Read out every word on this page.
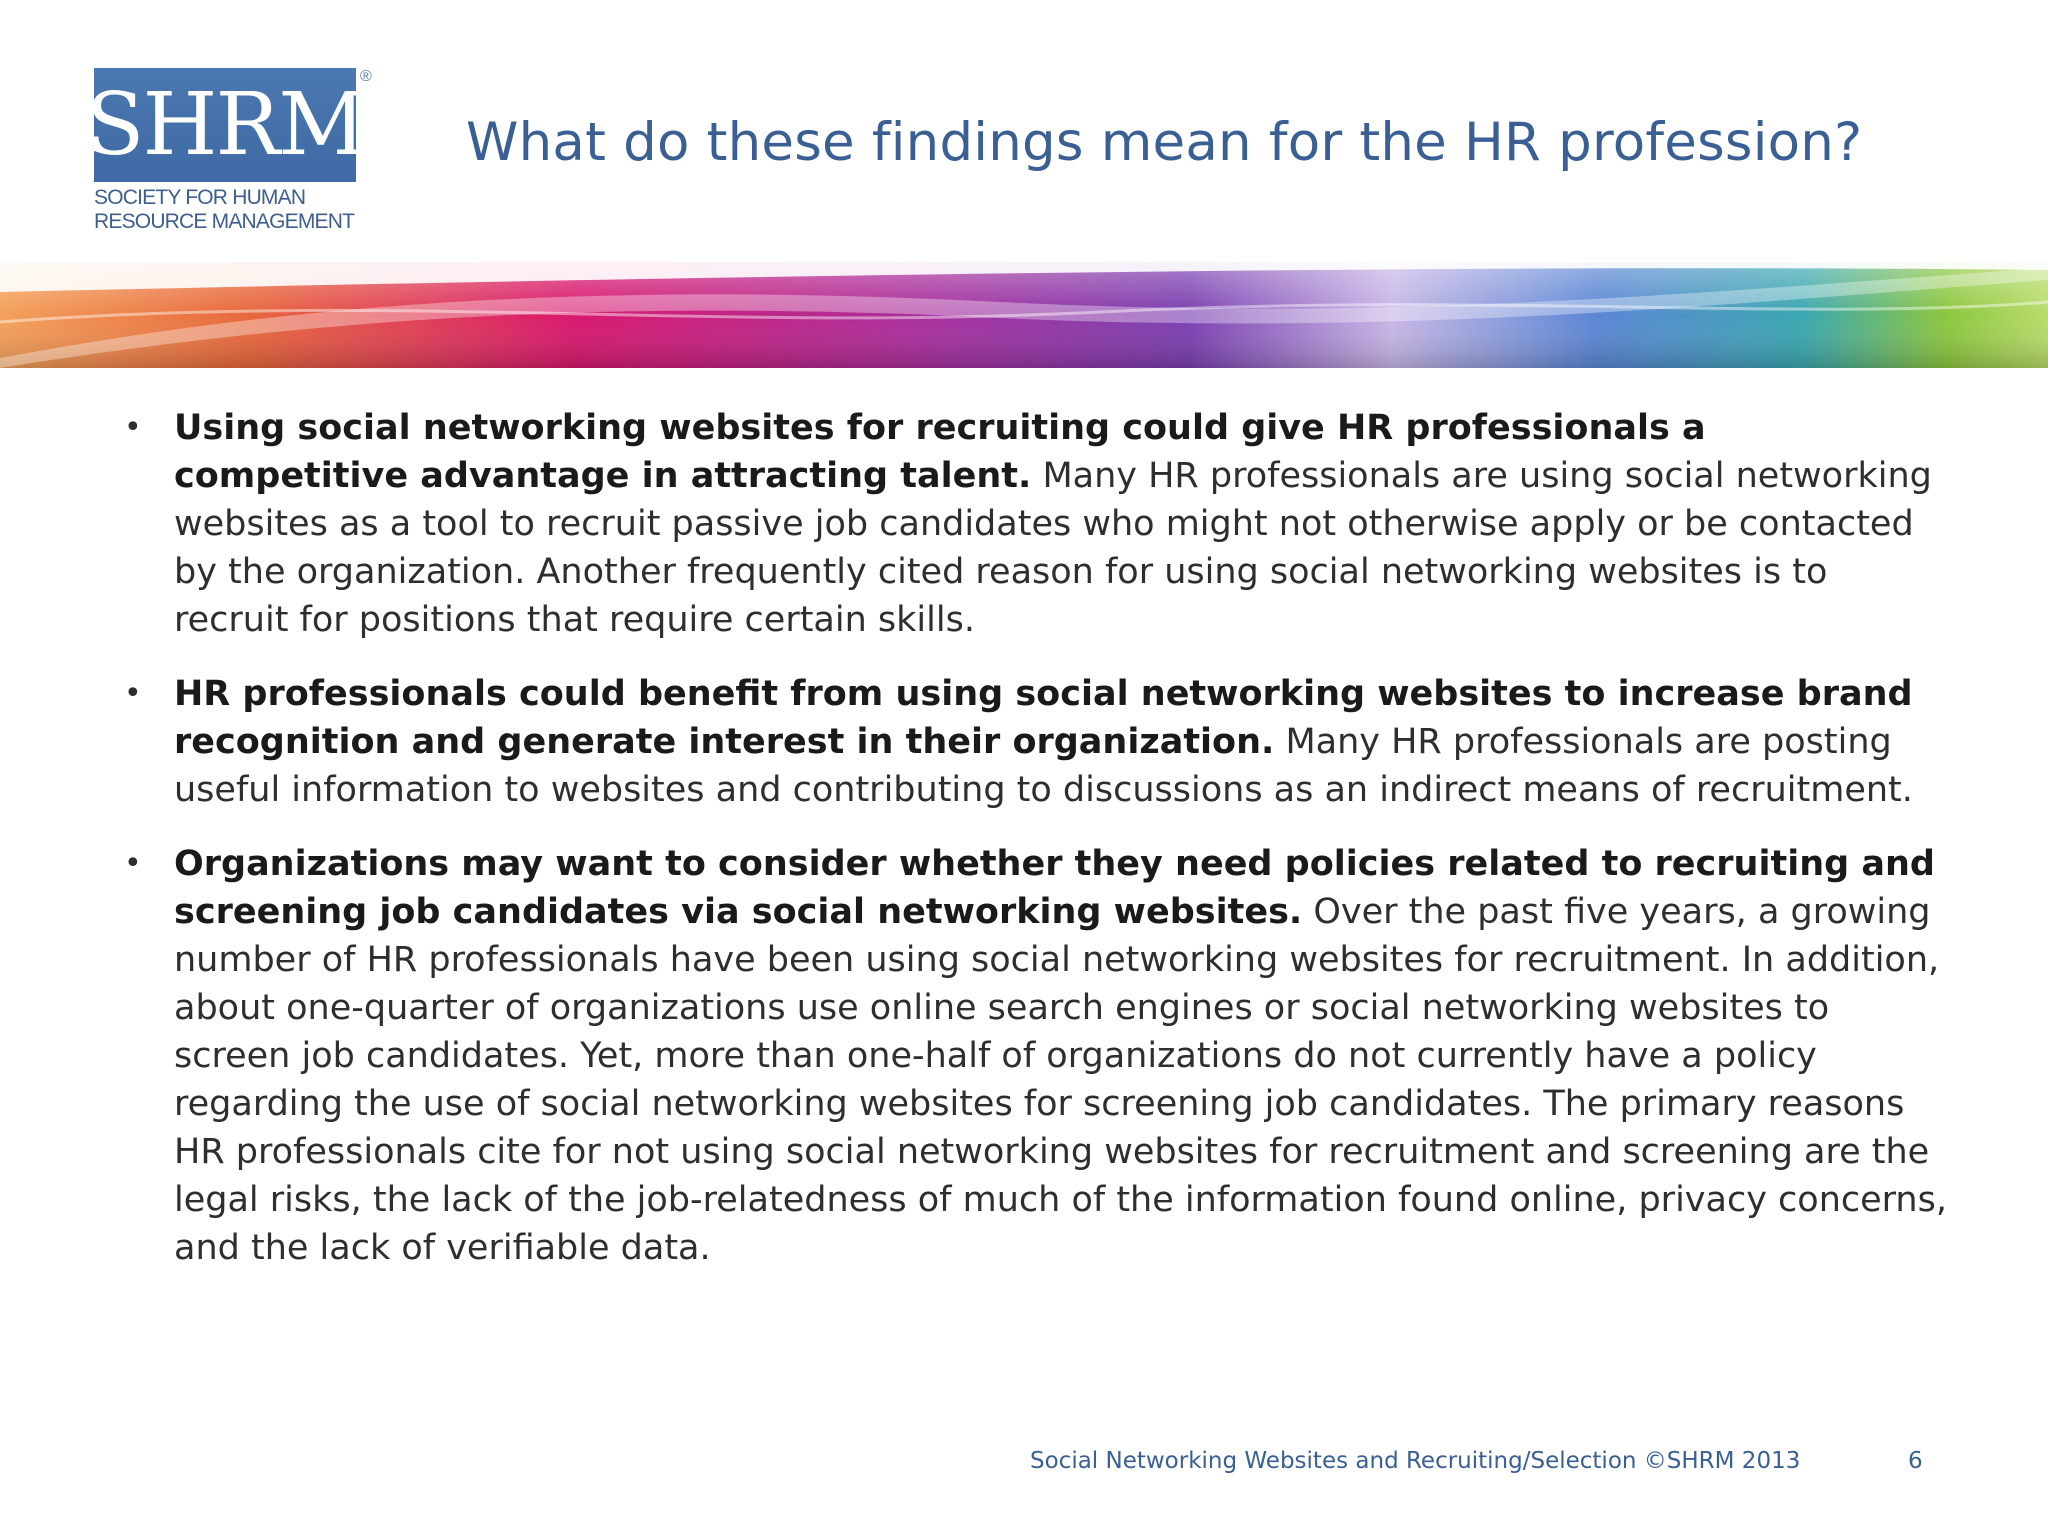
SHRM
®
SOCIETY FOR HUMAN
RESOURCE MANAGEMENT
What do these findings mean for the HR profession?
• Using social networking websites for recruiting could give HR professionals a competitive advantage in attracting talent. Many HR professionals are using social networking websites as a tool to recruit passive job candidates who might not otherwise apply or be contacted by the organization. Another frequently cited reason for using social networking websites is to recruit for positions that require certain skills.
• HR professionals could benefit from using social networking websites to increase brand recognition and generate interest in their organization. Many HR professionals are posting useful information to websites and contributing to discussions as an indirect means of recruitment.
• Organizations may want to consider whether they need policies related to recruiting and screening job candidates via social networking websites. Over the past five years, a growing number of HR professionals have been using social networking websites for recruitment. In addition, about one-quarter of organizations use online search engines or social networking websites to screen job candidates. Yet, more than one-half of organizations do not currently have a policy regarding the use of social networking websites for screening job candidates. The primary reasons HR professionals cite for not using social networking websites for recruitment and screening are the legal risks, the lack of the job-relatedness of much of the information found online, privacy concerns, and the lack of verifiable data.
Social Networking Websites and Recruiting/Selection ©SHRM 2013	6
